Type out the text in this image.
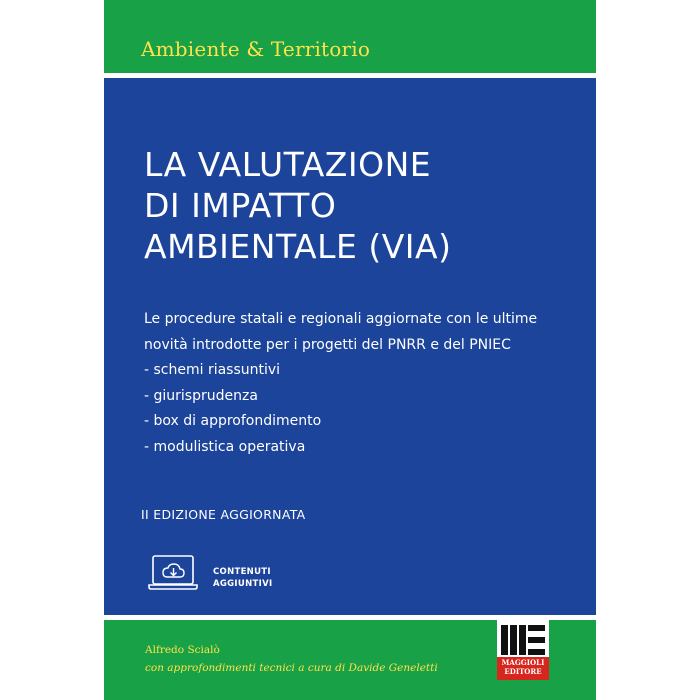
Ambiente & Territorio
LA VALUTAZIONE
DI IMPATTO
AMBIENTALE (VIA)
Le procedure statali e regionali aggiornate con le ultime
novità introdotte per i progetti del PNRR e del PNIEC
- schemi riassuntivi
- giurisprudenza
- box di approfondimento
- modulistica operativa
II EDIZIONE AGGIORNATA
CONTENUTI
AGGIUNTIVI
Alfredo Scialò
con approfondimenti tecnici a cura di Davide Geneletti	MAGGIOLI
EDITORE
